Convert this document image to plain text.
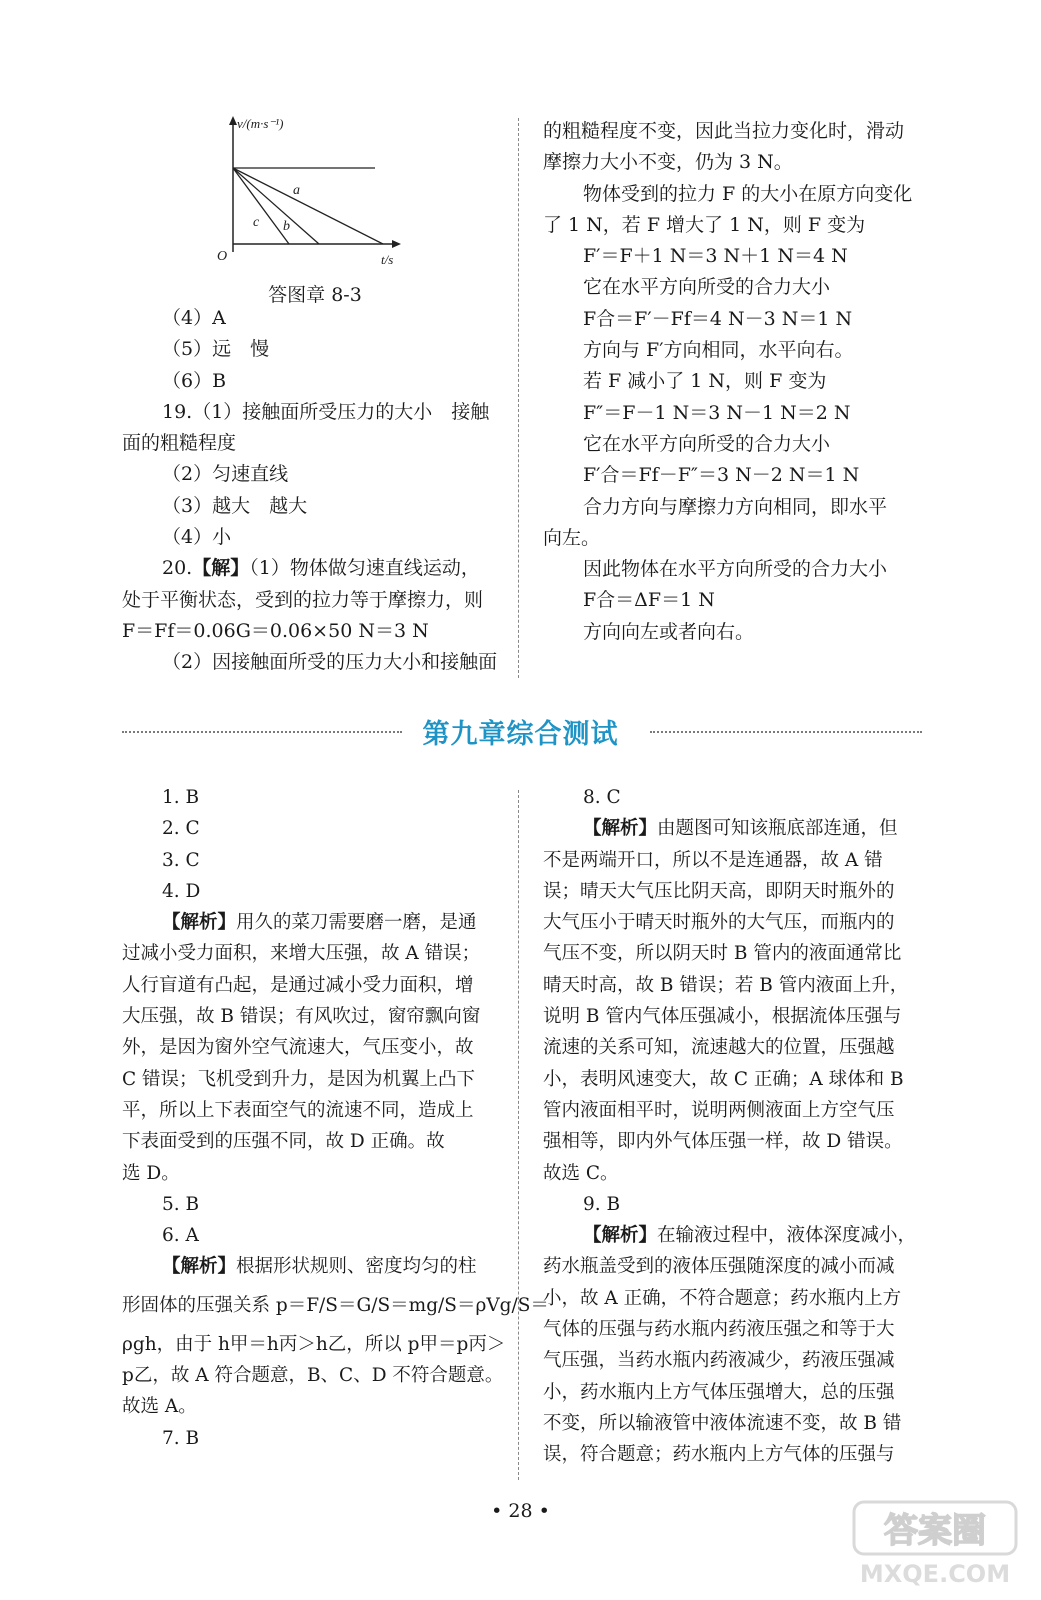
v/(m·s⁻¹)
t/s
O
a
b
c
答图章 8-3
（4）A
（5）远　慢
（6）B
19.（1）接触面所受压力的大小　接触
面的粗糙程度
（2）匀速直线
（3）越大　越大
（4）小
20.【解】（1）物体做匀速直线运动，
处于平衡状态，受到的拉力等于摩擦力，则
F＝Ff＝0.06G＝0.06×50 N＝3 N
（2）因接触面所受的压力大小和接触面
的粗糙程度不变，因此当拉力变化时，滑动
摩擦力大小不变，仍为 3 N。
物体受到的拉力 F 的大小在原方向变化
了 1 N，若 F 增大了 1 N，则 F 变为
F′＝F＋1 N＝3 N＋1 N＝4 N
它在水平方向所受的合力大小
F合＝F′－Ff＝4 N－3 N＝1 N
方向与 F′方向相同，水平向右。
若 F 减小了 1 N，则 F 变为
F″＝F－1 N＝3 N－1 N＝2 N
它在水平方向所受的合力大小
F′合＝Ff－F″＝3 N－2 N＝1 N
合力方向与摩擦力方向相同，即水平
向左。
因此物体在水平方向所受的合力大小
F合＝ΔF＝1 N
方向向左或者向右。
第九章综合测试
1. B
2. C
3. C
4. D
【解析】用久的菜刀需要磨一磨，是通
过减小受力面积，来增大压强，故 A 错误；
人行盲道有凸起，是通过减小受力面积，增
大压强，故 B 错误；有风吹过，窗帘飘向窗
外，是因为窗外空气流速大，气压变小，故
C 错误；飞机受到升力，是因为机翼上凸下
平，所以上下表面空气的流速不同，造成上
下表面受到的压强不同，故 D 正确。故
选 D。
5. B
6. A
【解析】根据形状规则、密度均匀的柱
形固体的压强关系 p＝F/S＝G/S＝mg/S＝ρVg/S＝
ρgh，由于 h甲＝h丙＞h乙，所以 p甲＝p丙＞
p乙，故 A 符合题意，B、C、D 不符合题意。
故选 A。
7. B
8. C
【解析】由题图可知该瓶底部连通，但
不是两端开口，所以不是连通器，故 A 错
误；晴天大气压比阴天高，即阴天时瓶外的
大气压小于晴天时瓶外的大气压，而瓶内的
气压不变，所以阴天时 B 管内的液面通常比
晴天时高，故 B 错误；若 B 管内液面上升，
说明 B 管内气体压强减小，根据流体压强与
流速的关系可知，流速越大的位置，压强越
小，表明风速变大，故 C 正确；A 球体和 B
管内液面相平时，说明两侧液面上方空气压
强相等，即内外气体压强一样，故 D 错误。
故选 C。
9. B
【解析】在输液过程中，液体深度减小，
药水瓶盖受到的液体压强随深度的减小而减
小，故 A 正确，不符合题意；药水瓶内上方
气体的压强与药水瓶内药液压强之和等于大
气压强，当药水瓶内药液减少，药液压强减
小，药水瓶内上方气体压强增大，总的压强
不变，所以输液管中液体流速不变，故 B 错
误，符合题意；药水瓶内上方气体的压强与
• 28 •	答案圈
MXQE.COM
